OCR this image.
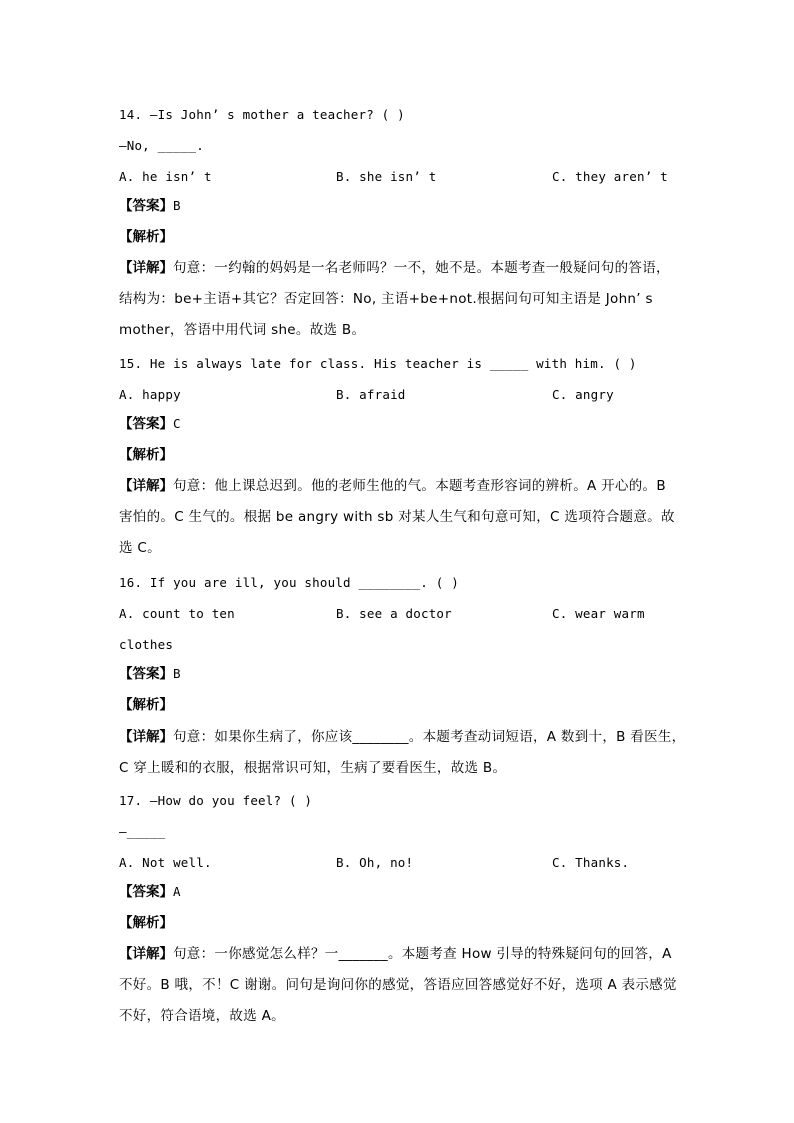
14. —Is John’ s mother a teacher? ( )
—No, _____.
A. he isn’ t	B. she isn’ t	C. they aren’ t
【答案】B
【解析】
【详解】句意：一约翰的妈妈是一名老师吗？一不，她不是。本题考查一般疑问句的答语，
结构为：be+主语+其它？否定回答：No, 主语+be+not.根据问句可知主语是 John’ s
mother，答语中用代词 she。故选 B。
15. He is always late for class. His teacher is _____ with him. ( )
A. happy	B. afraid	C. angry
【答案】C
【解析】
【详解】句意：他上课总迟到。他的老师生他的气。本题考查形容词的辨析。A 开心的。B
害怕的。C 生气的。根据 be angry with sb 对某人生气和句意可知，C 选项符合题意。故
选 C。
16. If you are ill, you should ________. ( )
A. count to ten	B. see a doctor	C. wear warm
clothes
【答案】B
【解析】
【详解】句意：如果你生病了，你应该________。本题考查动词短语，A 数到十，B 看医生，
C 穿上暖和的衣服，根据常识可知，生病了要看医生，故选 B。
17. —How do you feel? ( )
—_____
A. Not well.	B. Oh, no!	C. Thanks.
【答案】A
【解析】
【详解】句意：一你感觉怎么样？一_______。本题考查 How 引导的特殊疑问句的回答，A
不好。B 哦，不！C 谢谢。问句是询问你的感觉，答语应回答感觉好不好，选项 A 表示感觉
不好，符合语境，故选 A。
